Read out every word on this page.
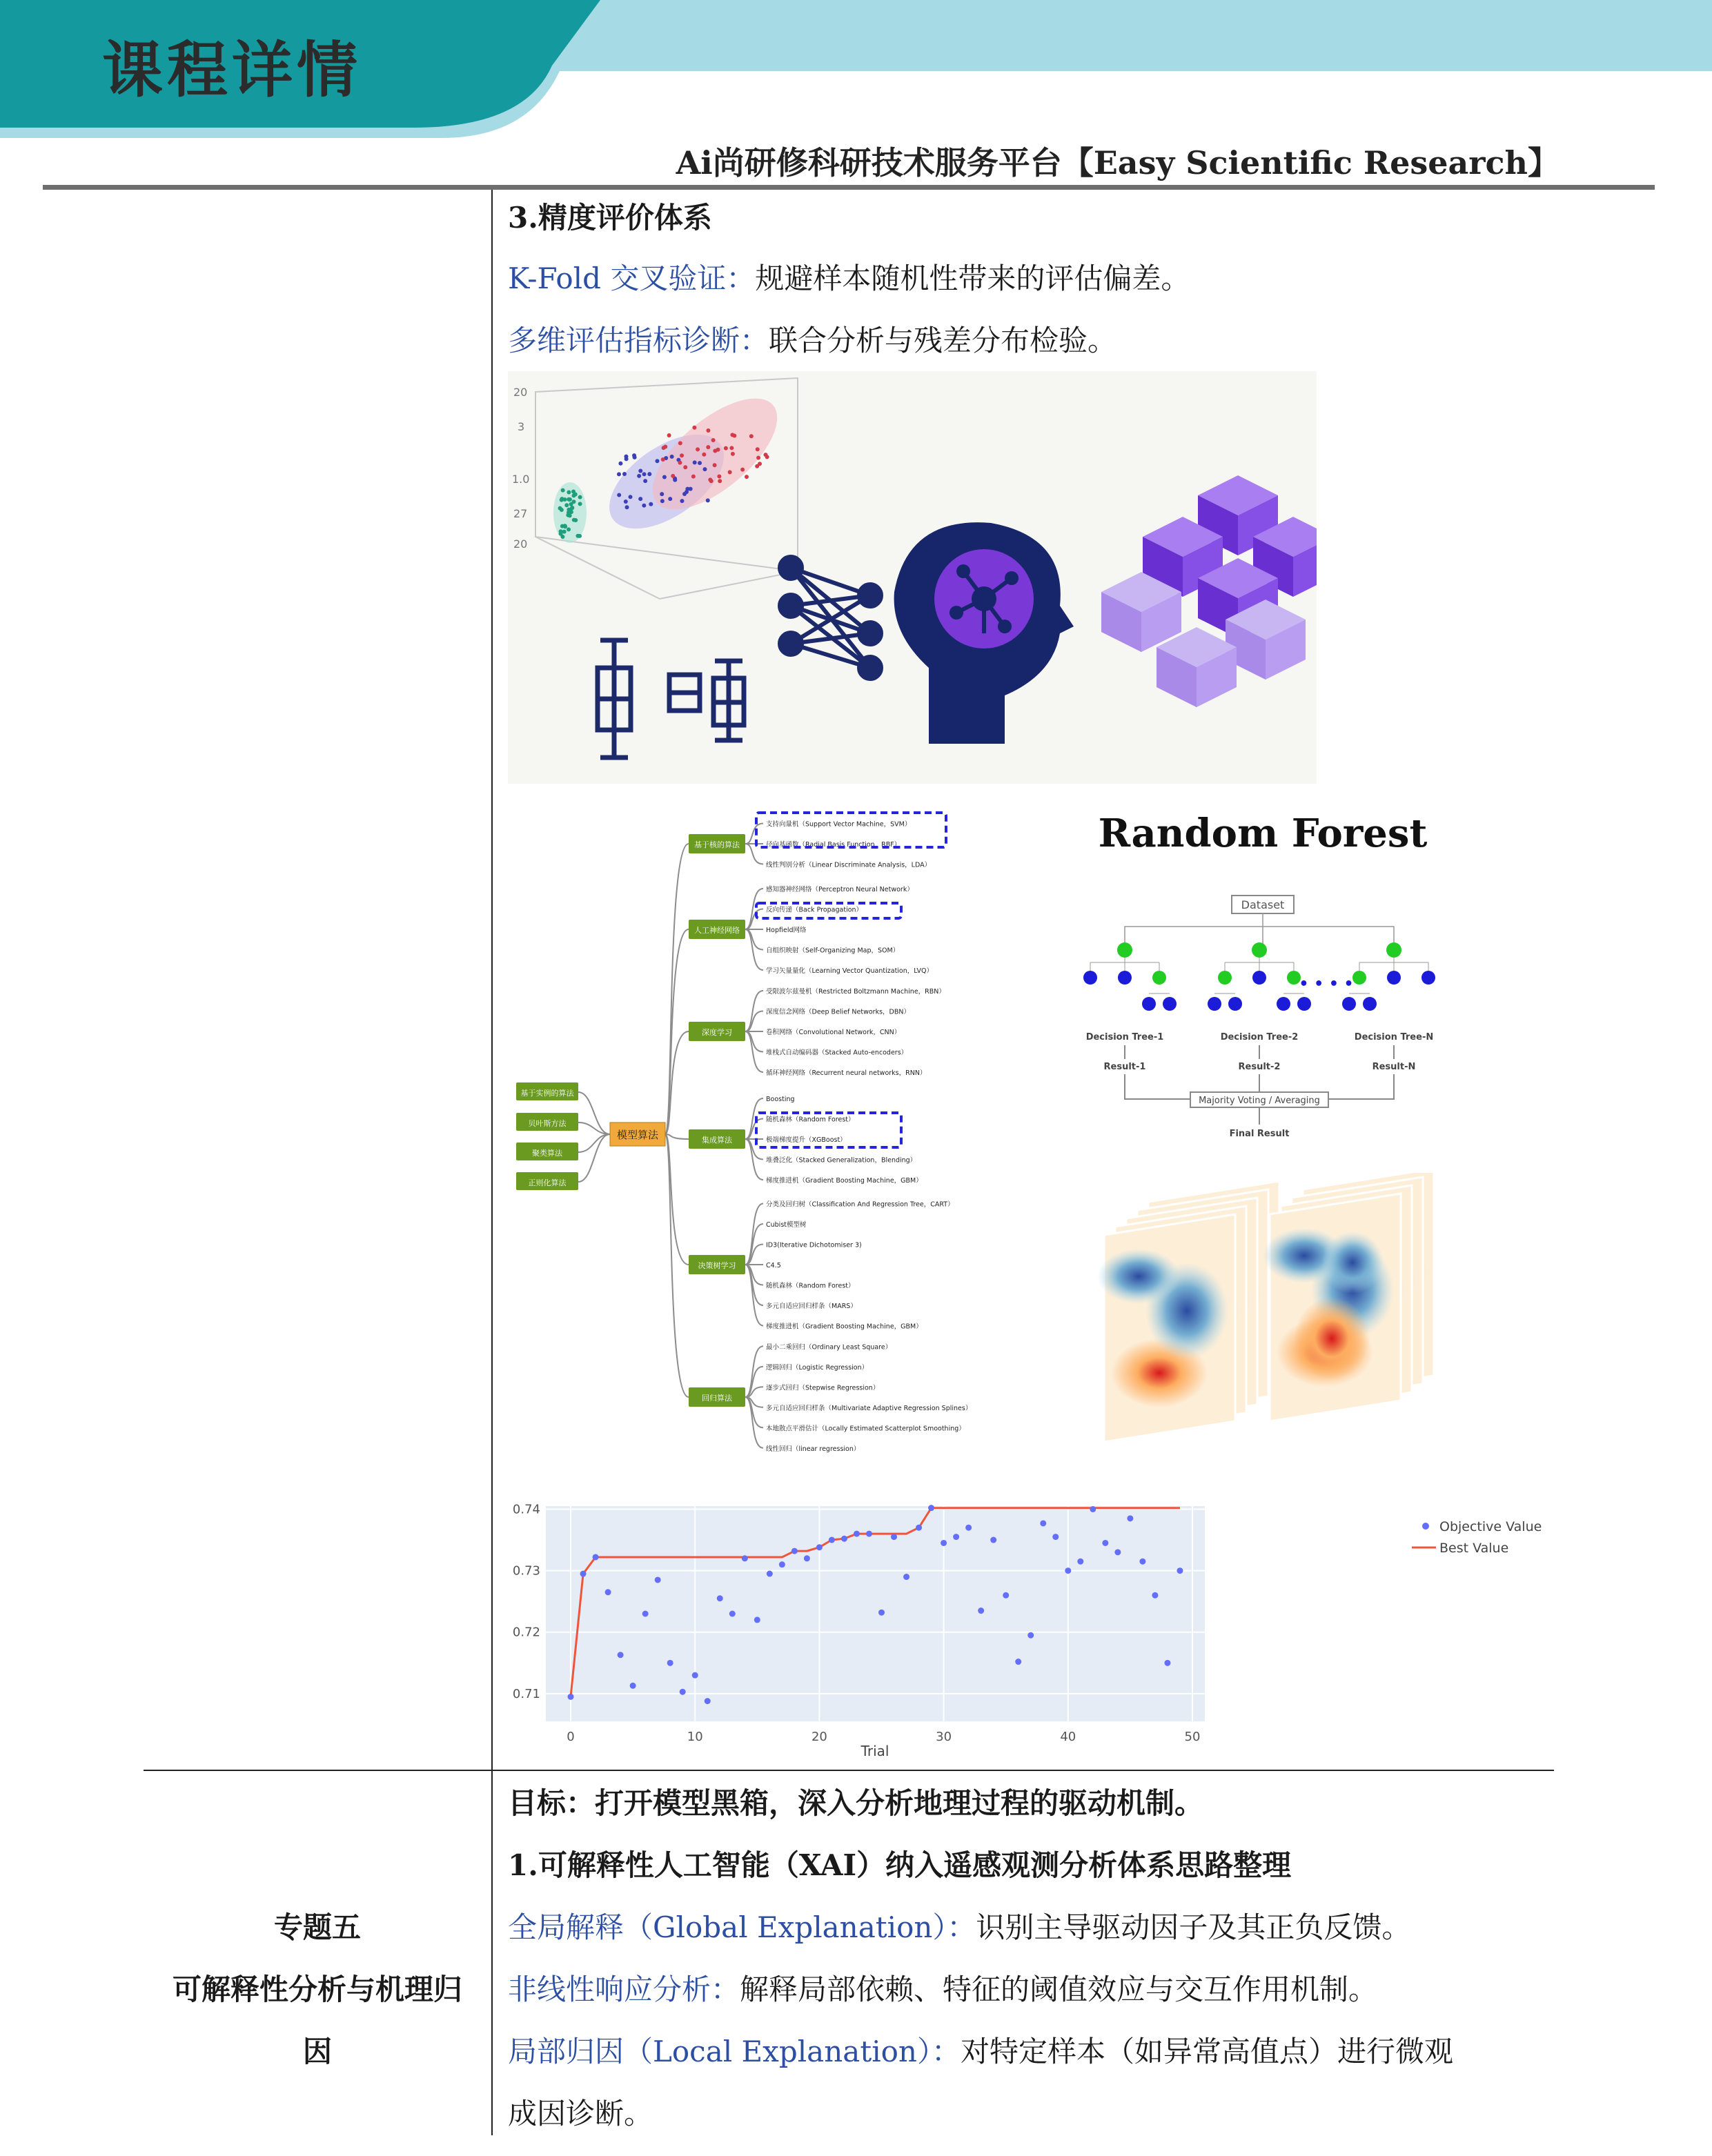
课程详情
Ai尚研修科研技术服务平台【Easy Scientific Research】
3.精度评价体系
K-Fold 交叉验证：规避样本随机性带来的评估偏差。
多维评估指标诊断：联合分析与残差分布检验。
20
3
1.0
27
20
基于实例的算法
贝叶斯方法
聚类算法
正则化算法
模型算法
基于核的算法
支持向量机（Support Vector Machine，SVM）
径向基函数（Radial Basis Function，RBF）
线性判别分析（Linear Discriminate Analysis，LDA）
人工神经网络
感知器神经网络（Perceptron Neural Network）
反向传递（Back Propagation）
Hopfield网络
自组织映射（Self-Organizing Map，SOM）
学习矢量量化（Learning Vector Quantization，LVQ）
深度学习
受限波尔兹曼机（Restricted Boltzmann Machine，RBN）
深度信念网络（Deep Belief Networks，DBN）
卷积网络（Convolutional Network，CNN）
堆栈式自动编码器（Stacked Auto-encoders）
循环神经网络（Recurrent neural networks，RNN）
集成算法
Boosting
随机森林（Random Forest）
极端梯度提升（XGBoost）
堆叠泛化（Stacked Generalization，Blending）
梯度推进机（Gradient Boosting Machine，GBM）
决策树学习
分类及回归树（Classification And Regression Tree，CART）
Cubist模型树
ID3(Iterative Dichotomiser 3)
C4.5
随机森林（Random Forest）
多元自适应回归样条（MARS）
梯度推进机（Gradient Boosting Machine，GBM）
回归算法
最小二乘回归（Ordinary Least Square）
逻辑回归（Logistic Regression）
逐步式回归（Stepwise Regression）
多元自适应回归样条（Multivariate Adaptive Regression Splines）
本地散点平滑估计（Locally Estimated Scatterplot Smoothing）
线性回归（linear regression）
Random Forest
Dataset
• • • •
Decision Tree-1	Decision Tree-2	Decision Tree-N
Result-1	Result-2	Result-N
Final Result
Majority Voting / Averaging
0	10	20	30	40	50
0.71
0.72
0.73
0.74
Trial
Objective Value
Best Value
专题五
可解释性分析与机理归
因
目标：打开模型黑箱，深入分析地理过程的驱动机制。
1.可解释性人工智能（XAI）纳入遥感观测分析体系思路整理
全局解释（Global Explanation）：识别主导驱动因子及其正负反馈。
非线性响应分析：解释局部依赖、特征的阈值效应与交互作用机制。
局部归因（Local Explanation）：对特定样本（如异常高值点）进行微观
成因诊断。
